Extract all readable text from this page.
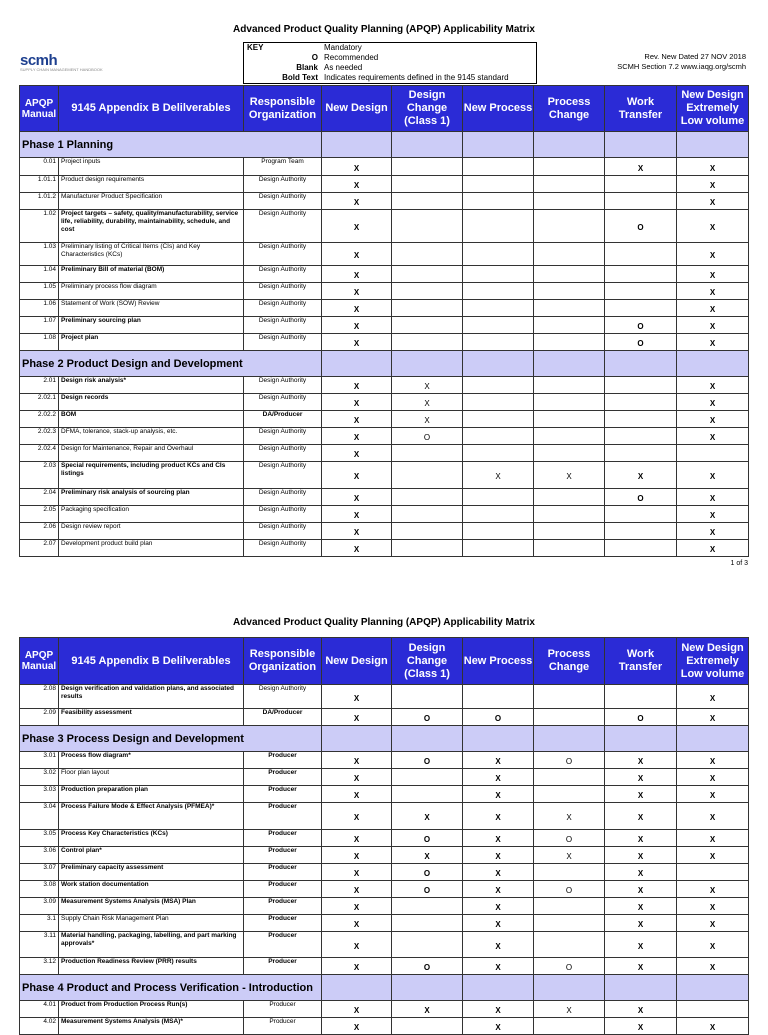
Advanced Product Quality Planning (APQP) Applicability Matrix
scmh
SUPPLY CHAIN MANAGEMENT HANDBOOK
KEY	Mandatory
O Recommended
Blank As needed
Bold Text Indicates requirements defined in the 9145 standard
Rev. New Dated 27 NOV 2018
SCMH Section 7.2 www.iaqg.org/scmh
APQP Manual	9145 Appendix B Delilverables	Responsible Organization	New Design	Design Change (Class 1)	New Process	Process Change	Work Transfer	New Design Extremely Low volume
Phase 1 Planning								
0.01	Project inputs	Program Team	X				X	X
1.01.1	Product design requirements	Design Authority	X					X
1.01.2	Manufacturer Product Specification	Design Authority	X					X
1.02	Project targets – safety, quality/manufacturability, service life, reliability, durability, maintainability, schedule, and cost	Design Authority	X				O	X
1.03	Preliminary listing of Critical Items (CIs) and Key Characteristics (KCs)	Design Authority	X					X
1.04	Preliminary Bill of material (BOM)	Design Authority	X					X
1.05	Preliminary process flow diagram	Design Authority	X					X
1.06	Statement of Work (SOW) Review	Design Authority	X					X
1.07	Preliminary sourcing plan	Design Authority	X				O	X
1.08	Project plan	Design Authority	X				O	X
Phase 2 Product Design and Development								
2.01	Design risk analysis*	Design Authority	X	X				X
2.02.1	Design records	Design Authority	X	X				X
2.02.2	BOM	DA/Producer	X	X				X
2.02.3	DFMA, tolerance, stack-up analysis, etc.	Design Authority	X	O				X
2.02.4	Design for Maintenance, Repair and Overhaul	Design Authority	X					
2.03	Special requirements, including product KCs and CIs listings	Design Authority	X		X	X	X	X
2.04	Preliminary risk analysis of sourcing plan	Design Authority	X				O	X
2.05	Packaging specification	Design Authority	X					X
2.06	Design review report	Design Authority	X					X
2.07	Development product build plan	Design Authority	X					X
1 of 3
Advanced Product Quality Planning (APQP) Applicability Matrix
APQP Manual	9145 Appendix B Delilverables	Responsible Organization	New Design	Design Change (Class 1)	New Process	Process Change	Work Transfer	New Design Extremely Low volume
2.08	Design verification and validation plans, and associated results	Design Authority	X					X
2.09	Feasibility assessment	DA/Producer	X	O	O		O	X
Phase 3 Process Design and Development								
3.01	Process flow diagram*	Producer	X	O	X	O	X	X
3.02	Floor plan layout	Producer	X		X		X	X
3.03	Production preparation plan	Producer	X		X		X	X
3.04	Process Failure Mode & Effect Analysis (PFMEA)*	Producer	X	X	X	X	X	X
3.05	Process Key Characteristics (KCs)	Producer	X	O	X	O	X	X
3.06	Control plan*	Producer	X	X	X	X	X	X
3.07	Preliminary capacity assessment	Producer	X	O	X		X	
3.08	Work station documentation	Producer	X	O	X	O	X	X
3.09	Measurement Systems Analysis (MSA) Plan	Producer	X		X		X	X
3.1	Supply Chain Risk Management Plan	Producer	X		X		X	X
3.11	Material handling, packaging, labelling, and part marking approvals*	Producer	X		X		X	X
3.12	Production Readiness Review (PRR) results	Producer	X	O	X	O	X	X
Phase 4 Product and Process Verification - Introduction								
4.01	Product from Production Process Run(s)	Producer	X	X	X	X	X	
4.02	Measurement Systems Analysis (MSA)*	Producer	X		X		X	X
